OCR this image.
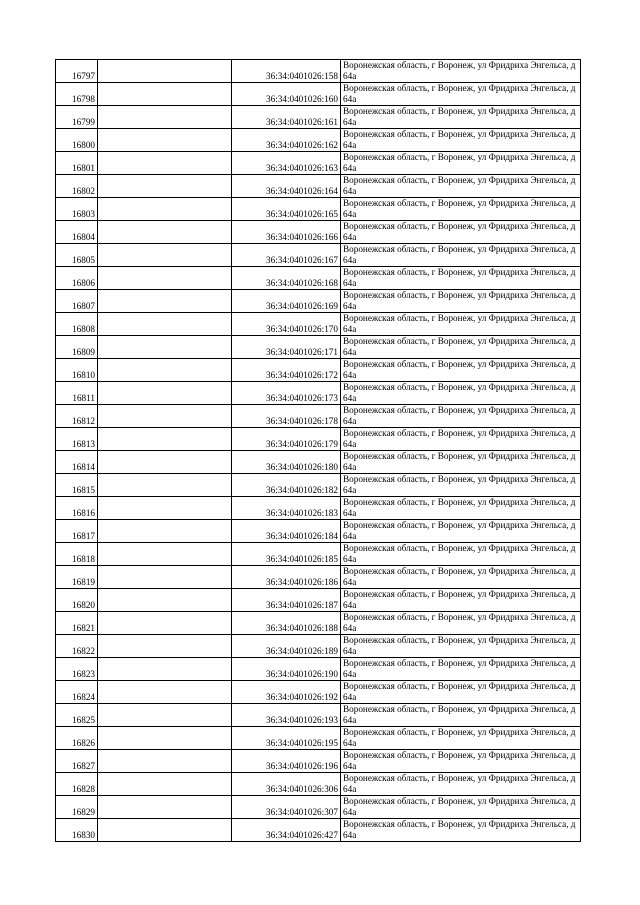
16797		36:34:0401026:158	Воронежская область, г Воронеж, ул Фридриха Энгельса, д 64а
16798		36:34:0401026:160	Воронежская область, г Воронеж, ул Фридриха Энгельса, д 64а
16799		36:34:0401026:161	Воронежская область, г Воронеж, ул Фридриха Энгельса, д 64а
16800		36:34:0401026:162	Воронежская область, г Воронеж, ул Фридриха Энгельса, д 64а
16801		36:34:0401026:163	Воронежская область, г Воронеж, ул Фридриха Энгельса, д 64а
16802		36:34:0401026:164	Воронежская область, г Воронеж, ул Фридриха Энгельса, д 64а
16803		36:34:0401026:165	Воронежская область, г Воронеж, ул Фридриха Энгельса, д 64а
16804		36:34:0401026:166	Воронежская область, г Воронеж, ул Фридриха Энгельса, д 64а
16805		36:34:0401026:167	Воронежская область, г Воронеж, ул Фридриха Энгельса, д 64а
16806		36:34:0401026:168	Воронежская область, г Воронеж, ул Фридриха Энгельса, д 64а
16807		36:34:0401026:169	Воронежская область, г Воронеж, ул Фридриха Энгельса, д 64а
16808		36:34:0401026:170	Воронежская область, г Воронеж, ул Фридриха Энгельса, д 64а
16809		36:34:0401026:171	Воронежская область, г Воронеж, ул Фридриха Энгельса, д 64а
16810		36:34:0401026:172	Воронежская область, г Воронеж, ул Фридриха Энгельса, д 64а
16811		36:34:0401026:173	Воронежская область, г Воронеж, ул Фридриха Энгельса, д 64а
16812		36:34:0401026:178	Воронежская область, г Воронеж, ул Фридриха Энгельса, д 64а
16813		36:34:0401026:179	Воронежская область, г Воронеж, ул Фридриха Энгельса, д 64а
16814		36:34:0401026:180	Воронежская область, г Воронеж, ул Фридриха Энгельса, д 64а
16815		36:34:0401026:182	Воронежская область, г Воронеж, ул Фридриха Энгельса, д 64а
16816		36:34:0401026:183	Воронежская область, г Воронеж, ул Фридриха Энгельса, д 64а
16817		36:34:0401026:184	Воронежская область, г Воронеж, ул Фридриха Энгельса, д 64а
16818		36:34:0401026:185	Воронежская область, г Воронеж, ул Фридриха Энгельса, д 64а
16819		36:34:0401026:186	Воронежская область, г Воронеж, ул Фридриха Энгельса, д 64а
16820		36:34:0401026:187	Воронежская область, г Воронеж, ул Фридриха Энгельса, д 64а
16821		36:34:0401026:188	Воронежская область, г Воронеж, ул Фридриха Энгельса, д 64а
16822		36:34:0401026:189	Воронежская область, г Воронеж, ул Фридриха Энгельса, д 64а
16823		36:34:0401026:190	Воронежская область, г Воронеж, ул Фридриха Энгельса, д 64а
16824		36:34:0401026:192	Воронежская область, г Воронеж, ул Фридриха Энгельса, д 64а
16825		36:34:0401026:193	Воронежская область, г Воронеж, ул Фридриха Энгельса, д 64а
16826		36:34:0401026:195	Воронежская область, г Воронеж, ул Фридриха Энгельса, д 64а
16827		36:34:0401026:196	Воронежская область, г Воронеж, ул Фридриха Энгельса, д 64а
16828		36:34:0401026:306	Воронежская область, г Воронеж, ул Фридриха Энгельса, д 64а
16829		36:34:0401026:307	Воронежская область, г Воронеж, ул Фридриха Энгельса, д 64а
16830		36:34:0401026:427	Воронежская область, г Воронеж, ул Фридриха Энгельса, д 64а
